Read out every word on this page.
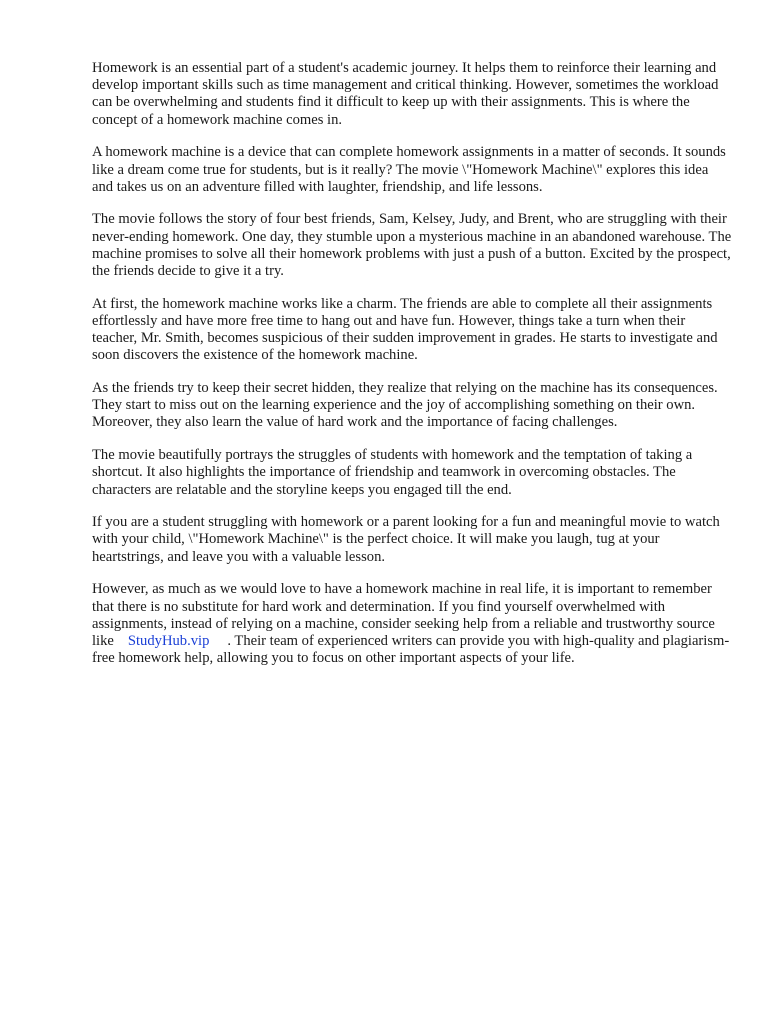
Homework is an essential part of a student's academic journey. It helps them to reinforce their learning and develop important skills such as time management and critical thinking. However, sometimes the workload can be overwhelming and students find it difficult to keep up with their assignments. This is where the concept of a homework machine comes in.

A homework machine is a device that can complete homework assignments in a matter of seconds. It sounds like a dream come true for students, but is it really? The movie \"Homework Machine\" explores this idea and takes us on an adventure filled with laughter, friendship, and life lessons.

The movie follows the story of four best friends, Sam, Kelsey, Judy, and Brent, who are struggling with their never-ending homework. One day, they stumble upon a mysterious machine in an abandoned warehouse. The machine promises to solve all their homework problems with just a push of a button. Excited by the prospect, the friends decide to give it a try.

At first, the homework machine works like a charm. The friends are able to complete all their assignments effortlessly and have more free time to hang out and have fun. However, things take a turn when their teacher, Mr. Smith, becomes suspicious of their sudden improvement in grades. He starts to investigate and soon discovers the existence of the homework machine.

As the friends try to keep their secret hidden, they realize that relying on the machine has its consequences. They start to miss out on the learning experience and the joy of accomplishing something on their own. Moreover, they also learn the value of hard work and the importance of facing challenges.

The movie beautifully portrays the struggles of students with homework and the temptation of taking a shortcut. It also highlights the importance of friendship and teamwork in overcoming obstacles. The characters are relatable and the storyline keeps you engaged till the end.

If you are a student struggling with homework or a parent looking for a fun and meaningful movie to watch with your child, \"Homework Machine\" is the perfect choice. It will make you laugh, tug at your heartstrings, and leave you with a valuable lesson.

However, as much as we would love to have a homework machine in real life, it is important to remember that there is no substitute for hard work and determination. If you find yourself overwhelmed with assignments, instead of relying on a machine, consider seeking help from a reliable and trustworthy source like StudyHub.vip . Their team of experienced writers can provide you with high-quality and plagiarism-free homework help, allowing you to focus on other important aspects of your life.
